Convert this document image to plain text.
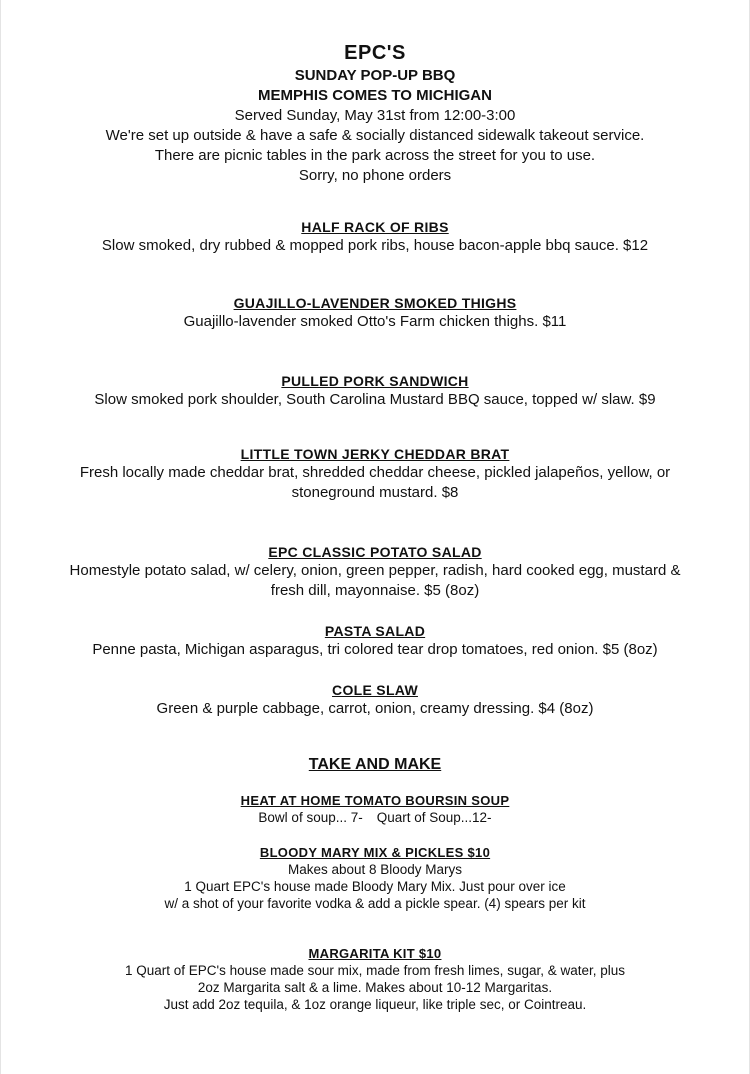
EPC'S
SUNDAY POP-UP BBQ
MEMPHIS COMES TO MICHIGAN
Served Sunday, May 31st from 12:00-3:00
We're set up outside & have a safe & socially distanced sidewalk takeout service.
There are picnic tables in the park across the street for you to use.
Sorry, no phone orders
HALF RACK OF RIBS
Slow smoked, dry rubbed & mopped pork ribs, house bacon-apple bbq sauce. $12
GUAJILLO-LAVENDER SMOKED THIGHS
Guajillo-lavender smoked Otto's Farm chicken thighs. $11
PULLED PORK SANDWICH
Slow smoked pork shoulder, South Carolina Mustard BBQ sauce, topped w/ slaw. $9
LITTLE TOWN JERKY CHEDDAR BRAT
Fresh locally made cheddar brat, shredded cheddar cheese, pickled jalapeños, yellow, or
stoneground mustard. $8
EPC CLASSIC POTATO SALAD
Homestyle potato salad, w/ celery, onion, green pepper, radish, hard cooked egg, mustard &
fresh dill, mayonnaise. $5 (8oz)
PASTA SALAD
Penne pasta, Michigan asparagus, tri colored tear drop tomatoes, red onion. $5 (8oz)
COLE SLAW
Green & purple cabbage, carrot, onion, creamy dressing. $4 (8oz)
TAKE AND MAKE
HEAT AT HOME TOMATO BOURSIN SOUP
Bowl of soup... 7- Quart of Soup...12-
BLOODY MARY MIX & PICKLES $10
Makes about 8 Bloody Marys
1 Quart EPC's house made Bloody Mary Mix. Just pour over ice
w/ a shot of your favorite vodka & add a pickle spear. (4) spears per kit
MARGARITA KIT $10
1 Quart of EPC's house made sour mix, made from fresh limes, sugar, & water, plus
2oz Margarita salt & a lime. Makes about 10-12 Margaritas.
Just add 2oz tequila, & 1oz orange liqueur, like triple sec, or Cointreau.
